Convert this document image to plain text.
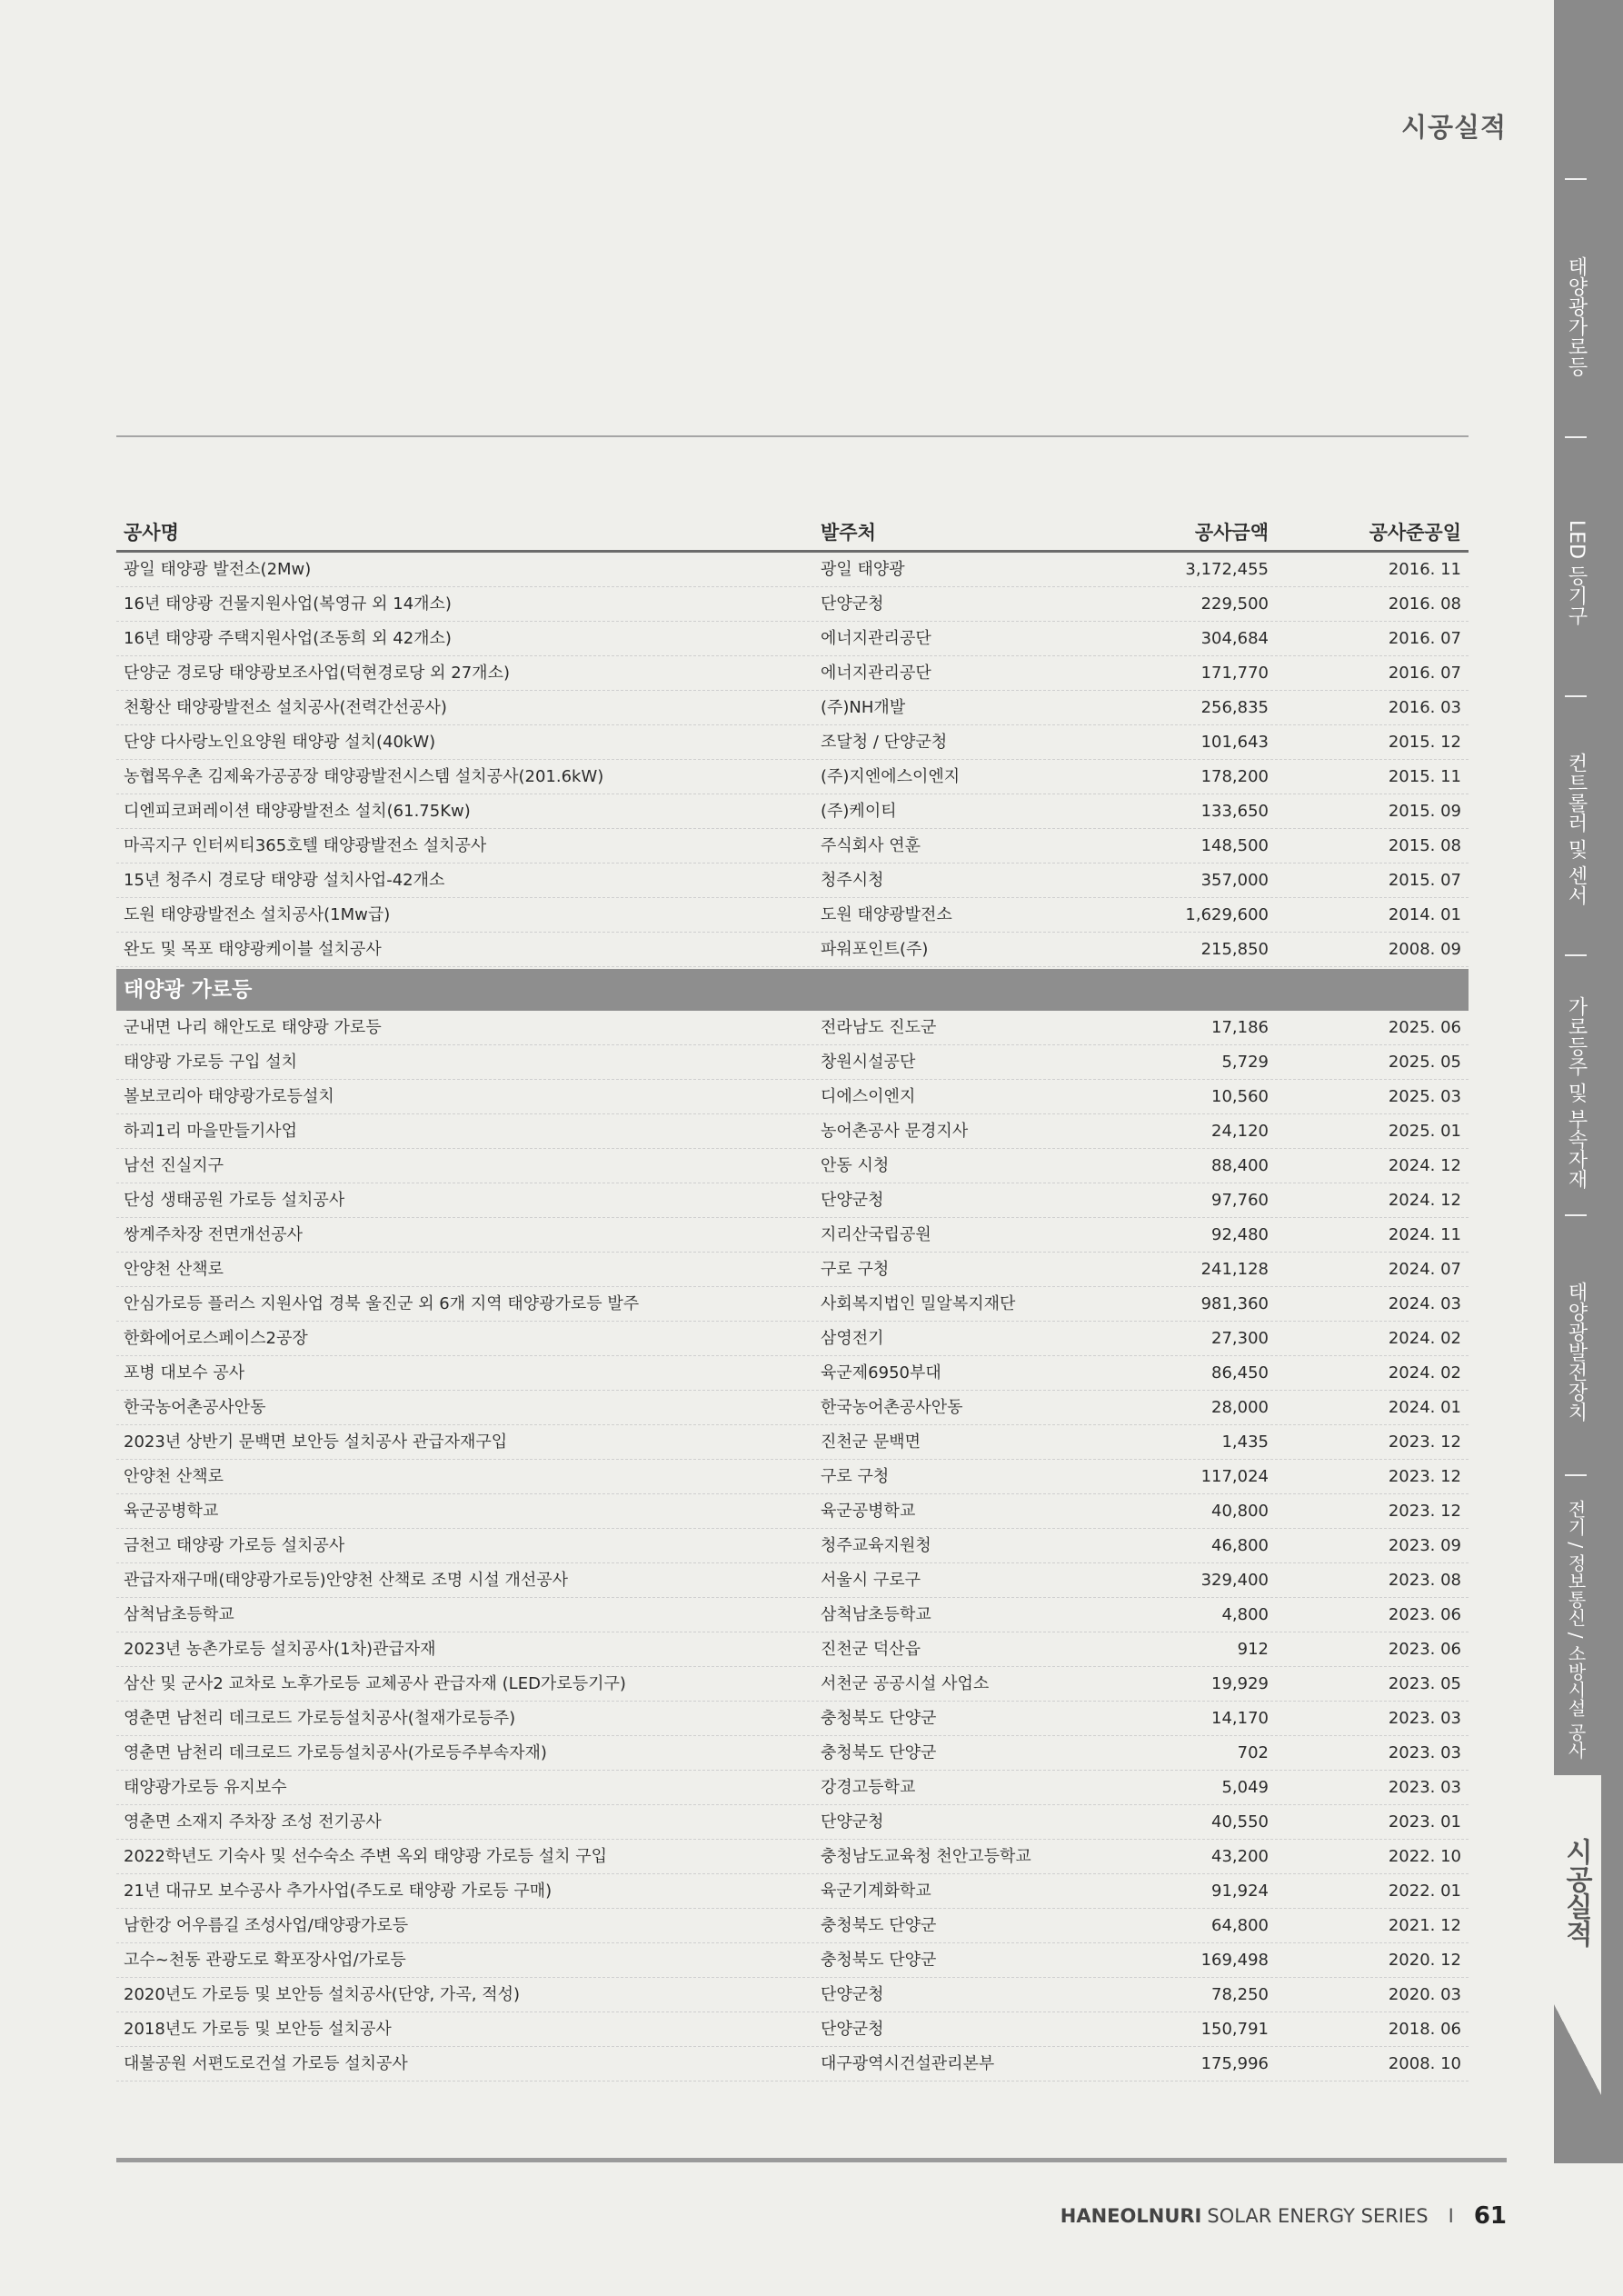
시공실적
공사명	발주처	공사금액	공사준공일
광일 태양광 발전소(2Mw)	광일 태양광	3,172,455	2016. 11
16년 태양광 건물지원사업(복영규 외 14개소)	단양군청	229,500	2016. 08
16년 태양광 주택지원사업(조동희 외 42개소)	에너지관리공단	304,684	2016. 07
단양군 경로당 태양광보조사업(덕현경로당 외 27개소)	에너지관리공단	171,770	2016. 07
천황산 태양광발전소 설치공사(전력간선공사)	(주)NH개발	256,835	2016. 03
단양 다사랑노인요양원 태양광 설치(40kW)	조달청 / 단양군청	101,643	2015. 12
농협목우촌 김제육가공공장 태양광발전시스템 설치공사(201.6kW)	(주)지엔에스이엔지	178,200	2015. 11
디엔피코퍼레이션 태양광발전소 설치(61.75Kw)	(주)케이티	133,650	2015. 09
마곡지구 인터씨티365호텔 태양광발전소 설치공사	주식회사 연훈	148,500	2015. 08
15년 청주시 경로당 태양광 설치사업-42개소	청주시청	357,000	2015. 07
도원 태양광발전소 설치공사(1Mw급)	도원 태양광발전소	1,629,600	2014. 01
완도 및 목포 태양광케이블 설치공사	파워포인트(주)	215,850	2008. 09
태양광 가로등
군내면 나리 해안도로 태양광 가로등	전라남도 진도군	17,186	2025. 06
태양광 가로등 구입 설치	창원시설공단	5,729	2025. 05
볼보코리아 태양광가로등설치	디에스이엔지	10,560	2025. 03
하괴1리 마을만들기사업	농어촌공사 문경지사	24,120	2025. 01
남선 진실지구	안동 시청	88,400	2024. 12
단성 생태공원 가로등 설치공사	단양군청	97,760	2024. 12
쌍계주차장 전면개선공사	지리산국립공원	92,480	2024. 11
안양천 산책로	구로 구청	241,128	2024. 07
안심가로등 플러스 지원사업 경북 울진군 외 6개 지역 태양광가로등 발주	사회복지법인 밀알복지재단	981,360	2024. 03
한화에어로스페이스2공장	삼영전기	27,300	2024. 02
포병 대보수 공사	육군제6950부대	86,450	2024. 02
한국농어촌공사안동	한국농어촌공사안동	28,000	2024. 01
2023년 상반기 문백면 보안등 설치공사 관급자재구입	진천군 문백면	1,435	2023. 12
안양천 산책로	구로 구청	117,024	2023. 12
육군공병학교	육군공병학교	40,800	2023. 12
금천고 태양광 가로등 설치공사	청주교육지원청	46,800	2023. 09
관급자재구매(태양광가로등)안양천 산책로 조명 시설 개선공사	서울시 구로구	329,400	2023. 08
삼척남초등학교	삼척남초등학교	4,800	2023. 06
2023년 농촌가로등 설치공사(1차)관급자재	진천군 덕산읍	912	2023. 06
삼산 및 군사2 교차로 노후가로등 교체공사 관급자재 (LED가로등기구)	서천군 공공시설 사업소	19,929	2023. 05
영춘면 남천리 데크로드 가로등설치공사(철재가로등주)	충청북도 단양군	14,170	2023. 03
영춘면 남천리 데크로드 가로등설치공사(가로등주부속자재)	충청북도 단양군	702	2023. 03
태양광가로등 유지보수	강경고등학교	5,049	2023. 03
영춘면 소재지 주차장 조성 전기공사	단양군청	40,550	2023. 01
2022학년도 기숙사 및 선수숙소 주변 옥외 태양광 가로등 설치 구입	충청남도교육청 천안고등학교	43,200	2022. 10
21년 대규모 보수공사 추가사업(주도로 태양광 가로등 구매)	육군기계화학교	91,924	2022. 01
남한강 어우름길 조성사업/태양광가로등	충청북도 단양군	64,800	2021. 12
고수~천동 관광도로 확포장사업/가로등	충청북도 단양군	169,498	2020. 12
2020년도 가로등 및 보안등 설치공사(단양, 가곡, 적성)	단양군청	78,250	2020. 03
2018년도 가로등 및 보안등 설치공사	단양군청	150,791	2018. 06
대불공원 서편도로건설 가로등 설치공사	대구광역시건설관리본부	175,996	2008. 10
HANEOLNURI SOLAR ENERGY SERIES I 61
태양광가로등
LED 등기구
컨트롤러 및 센서
가로등주 및 부속자재
태양광발전장치
전기 / 정보통신 / 소방시설 공사
시공실적
